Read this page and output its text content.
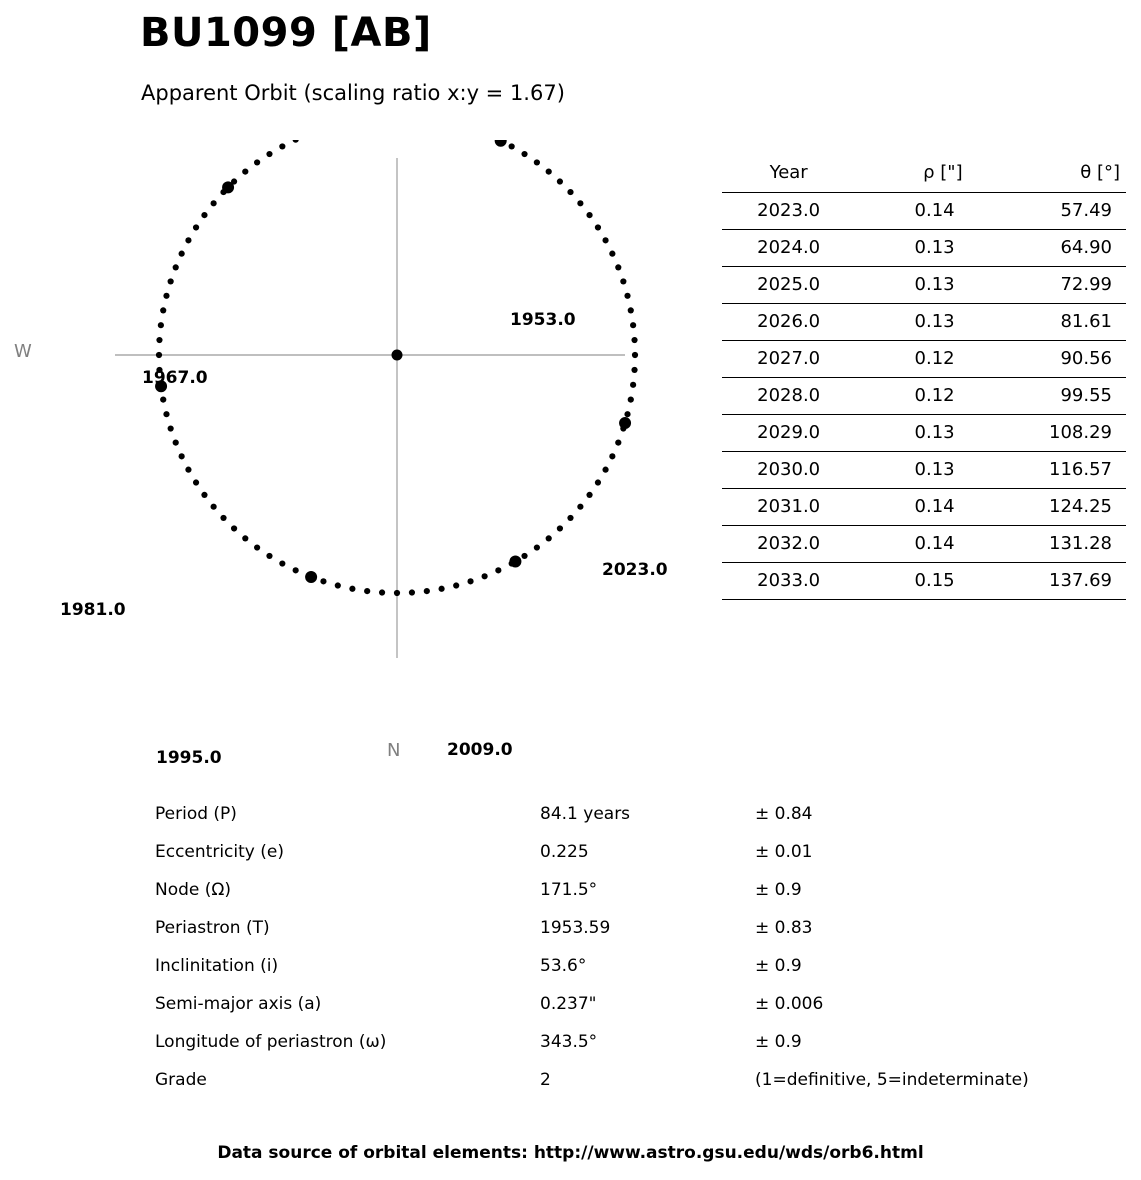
BU1099 [AB]
Apparent Orbit (scaling ratio x:y = 1.67)
1953.0
1967.0
1981.0
1995.0	2009.0
2023.0
W
N
Year	ρ ["]	θ [°]
2023.0	0.14	57.49
2024.0	0.13	64.90
2025.0	0.13	72.99
2026.0	0.13	81.61
2027.0	0.12	90.56
2028.0	0.12	99.55
2029.0	0.13	108.29
2030.0	0.13	116.57
2031.0	0.14	124.25
2032.0	0.14	131.28
2033.0	0.15	137.69
Period (P)	84.1 years	± 0.84
Eccentricity (e)	0.225	± 0.01
Node (Ω)	171.5°	± 0.9
Periastron (T)	1953.59	± 0.83
Inclinitation (i)	53.6°	± 0.9
Semi-major axis (a)	0.237"	± 0.006
Longitude of periastron (ω)	343.5°	± 0.9
Grade	2	(1=definitive, 5=indeterminate)
Data source of orbital elements: http://www.astro.gsu.edu/wds/orb6.html
